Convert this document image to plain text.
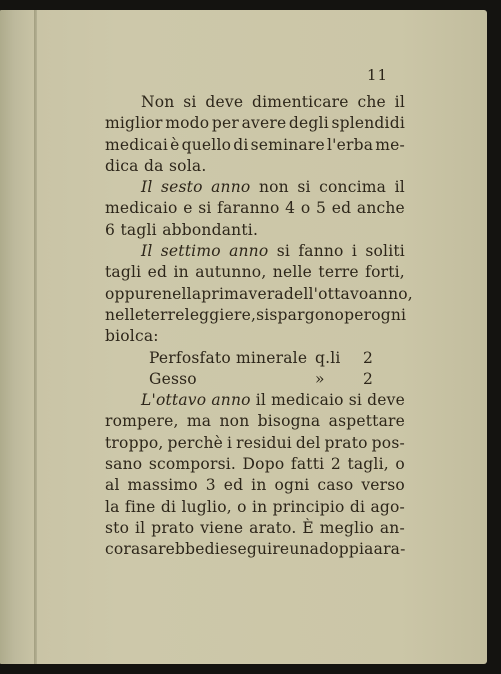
11
Non si deve dimenticare che il
miglior modo per avere degli splendidi
medicai è quello di seminare l'erba me-
dica da sola.
Il sesto anno non si concima il
medicaio e si faranno 4 o 5 ed anche
6 tagli abbondanti.
Il settimo anno si fanno i soliti
tagli ed in autunno, nelle terre forti,
oppure nella primavera dell'ottavo anno,
nelle terre leggiere, si spargono per ogni
biolca:
Perfosfato minerale q.li 2
Gesso	» 2
L'ottavo anno il medicaio si deve
rompere, ma non bisogna aspettare
troppo, perchè i residui del prato pos-
sano scomporsi. Dopo fatti 2 tagli, o
al massimo 3 ed in ogni caso verso
la fine di luglio, o in principio di ago-
sto il prato viene arato. È meglio an-
cora sarebbe di eseguire una doppia ara-
